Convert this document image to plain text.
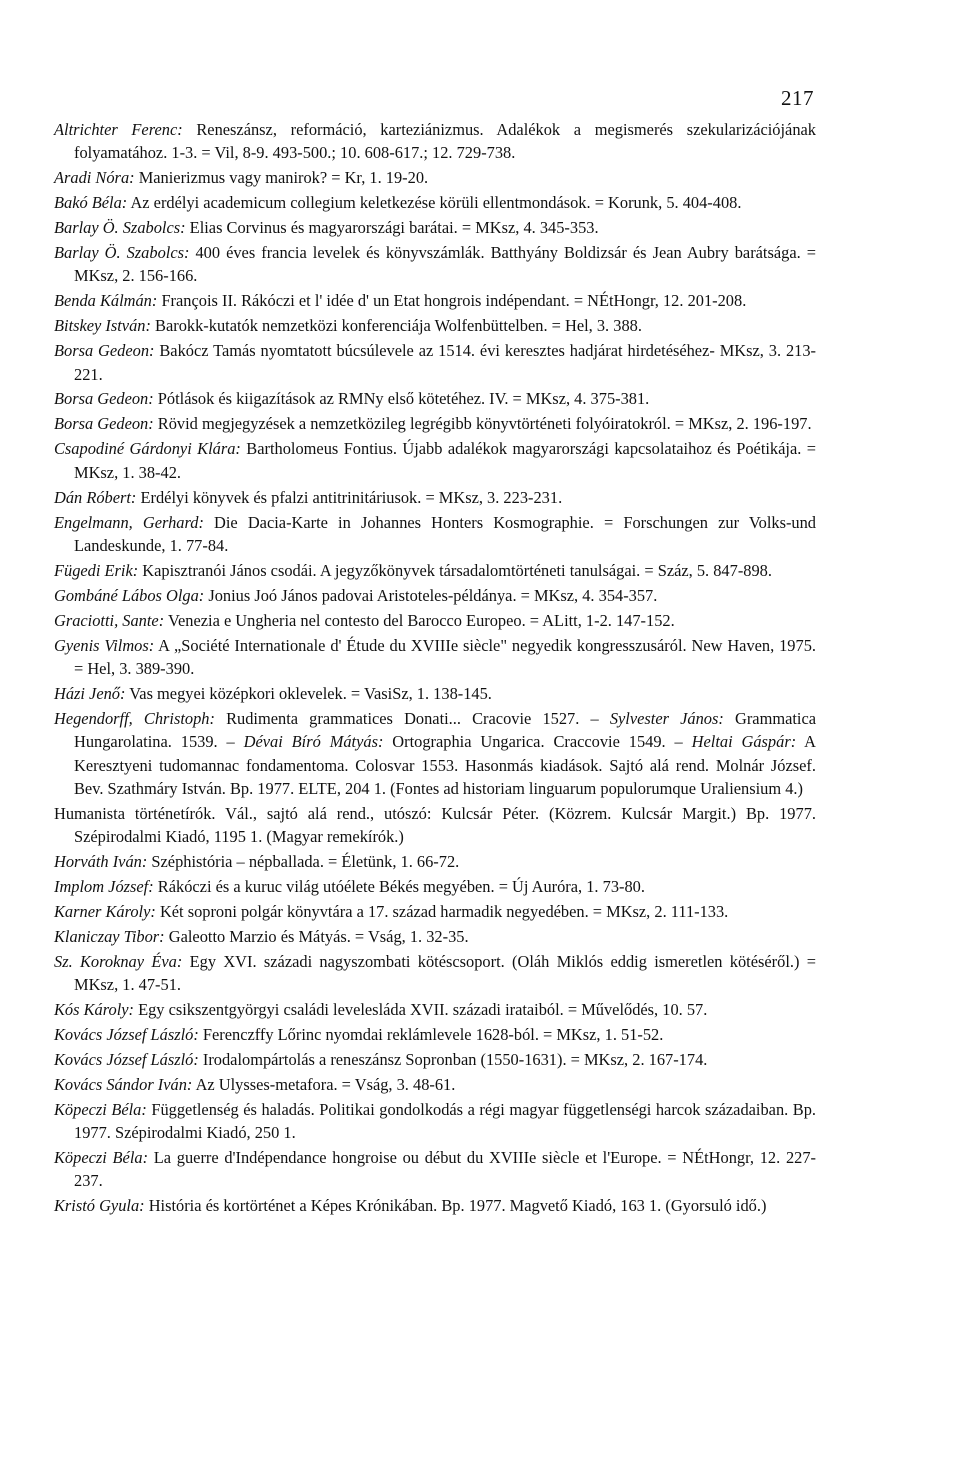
217
Altrichter Ferenc: Reneszánsz, reformáció, karteziánizmus. Adalékok a megismerés szekularizációjának folyamatához. 1-3. = Vil, 8-9. 493-500.; 10. 608-617.; 12. 729-738.
Aradi Nóra: Manierizmus vagy manirok? = Kr, 1. 19-20.
Bakó Béla: Az erdélyi academicum collegium keletkezése körüli ellentmondások. = Korunk, 5. 404-408.
Barlay Ö. Szabolcs: Elias Corvinus és magyarországi barátai. = MKsz, 4. 345-353.
Barlay Ö. Szabolcs: 400 éves francia levelek és könyvszámlák. Batthyány Boldizsár és Jean Aubry barátsága. = MKsz, 2. 156-166.
Benda Kálmán: François II. Rákóczi et l' idée d' un Etat hongrois indépendant. = NÉtHongr, 12. 201-208.
Bitskey István: Barokk-kutatók nemzetközi konferenciája Wolfenbüttelben. = Hel, 3. 388.
Borsa Gedeon: Bakócz Tamás nyomtatott búcsúlevele az 1514. évi keresztes hadjárat hirdetéséhez- MKsz, 3. 213-221.
Borsa Gedeon: Pótlások és kiigazítások az RMNy első kötetéhez. IV. = MKsz, 4. 375-381.
Borsa Gedeon: Rövid megjegyzések a nemzetközileg legrégibb könyvtörténeti folyóiratokról. = MKsz, 2. 196-197.
Csapodiné Gárdonyi Klára: Bartholomeus Fontius. Újabb adalékok magyarországi kapcsolataihoz és Poétikája. = MKsz, 1. 38-42.
Dán Róbert: Erdélyi könyvek és pfalzi antitrinitáriusok. = MKsz, 3. 223-231.
Engelmann, Gerhard: Die Dacia-Karte in Johannes Honters Kosmographie. = Forschungen zur Volks-und Landeskunde, 1. 77-84.
Fügedi Erik: Kapisztranói János csodái. A jegyzőkönyvek társadalomtörténeti tanulságai. = Száz, 5. 847-898.
Gombáné Lábos Olga: Jonius Joó János padovai Aristoteles-példánya. = MKsz, 4. 354-357.
Graciotti, Sante: Venezia e Ungheria nel contesto del Barocco Europeo. = ALitt, 1-2. 147-152.
Gyenis Vilmos: A „Société Internationale d' Étude du XVIIIe siècle" negyedik kongresszusáról. New Haven, 1975. = Hel, 3. 389-390.
Házi Jenő: Vas megyei középkori oklevelek. = VasiSz, 1. 138-145.
Hegendorff, Christoph: Rudimenta grammatices Donati... Cracovie 1527. – Sylvester János: Grammatica Hungarolatina. 1539. – Dévai Bíró Mátyás: Ortographia Ungarica. Craccovie 1549. – Heltai Gáspár: A Keresztyeni tudomannac fondamentoma. Colosvar 1553. Hasonmás kiadások. Sajtó alá rend. Molnár József. Bev. Szathmáry István. Bp. 1977. ELTE, 204 1. (Fontes ad historiam linguarum populorumque Uraliensium 4.)
Humanista történetírók. Vál., sajtó alá rend., utószó: Kulcsár Péter. (Közrem. Kulcsár Margit.) Bp. 1977. Szépirodalmi Kiadó, 1195 1. (Magyar remekírók.)
Horváth Iván: Széphistória – népballada. = Életünk, 1. 66-72.
Implom József: Rákóczi és a kuruc világ utóélete Békés megyében. = Új Auróra, 1. 73-80.
Karner Károly: Két soproni polgár könyvtára a 17. század harmadik negyedében. = MKsz, 2. 111-133.
Klaniczay Tibor: Galeotto Marzio és Mátyás. = Vság, 1. 32-35.
Sz. Koroknay Éva: Egy XVI. századi nagyszombati kötéscsoport. (Oláh Miklós eddig ismeretlen kötéséről.) = MKsz, 1. 47-51.
Kós Károly: Egy csikszentgyörgyi családi levelesláda XVII. századi irataiból. = Művelődés, 10. 57.
Kovács József László: Ferenczffy Lőrinc nyomdai reklámlevele 1628-ból. = MKsz, 1. 51-52.
Kovács József László: Irodalompártolás a reneszánsz Sopronban (1550-1631). = MKsz, 2. 167-174.
Kovács Sándor Iván: Az Ulysses-metafora. = Vság, 3. 48-61.
Köpeczi Béla: Függetlenség és haladás. Politikai gondolkodás a régi magyar függetlenségi harcok századaiban. Bp. 1977. Szépirodalmi Kiadó, 250 1.
Köpeczi Béla: La guerre d'Indépendance hongroise ou début du XVIIIe siècle et l'Europe. = NÉtHongr, 12. 227-237.
Kristó Gyula: História és kortörténet a Képes Krónikában. Bp. 1977. Magvető Kiadó, 163 1. (Gyorsuló idő.)
